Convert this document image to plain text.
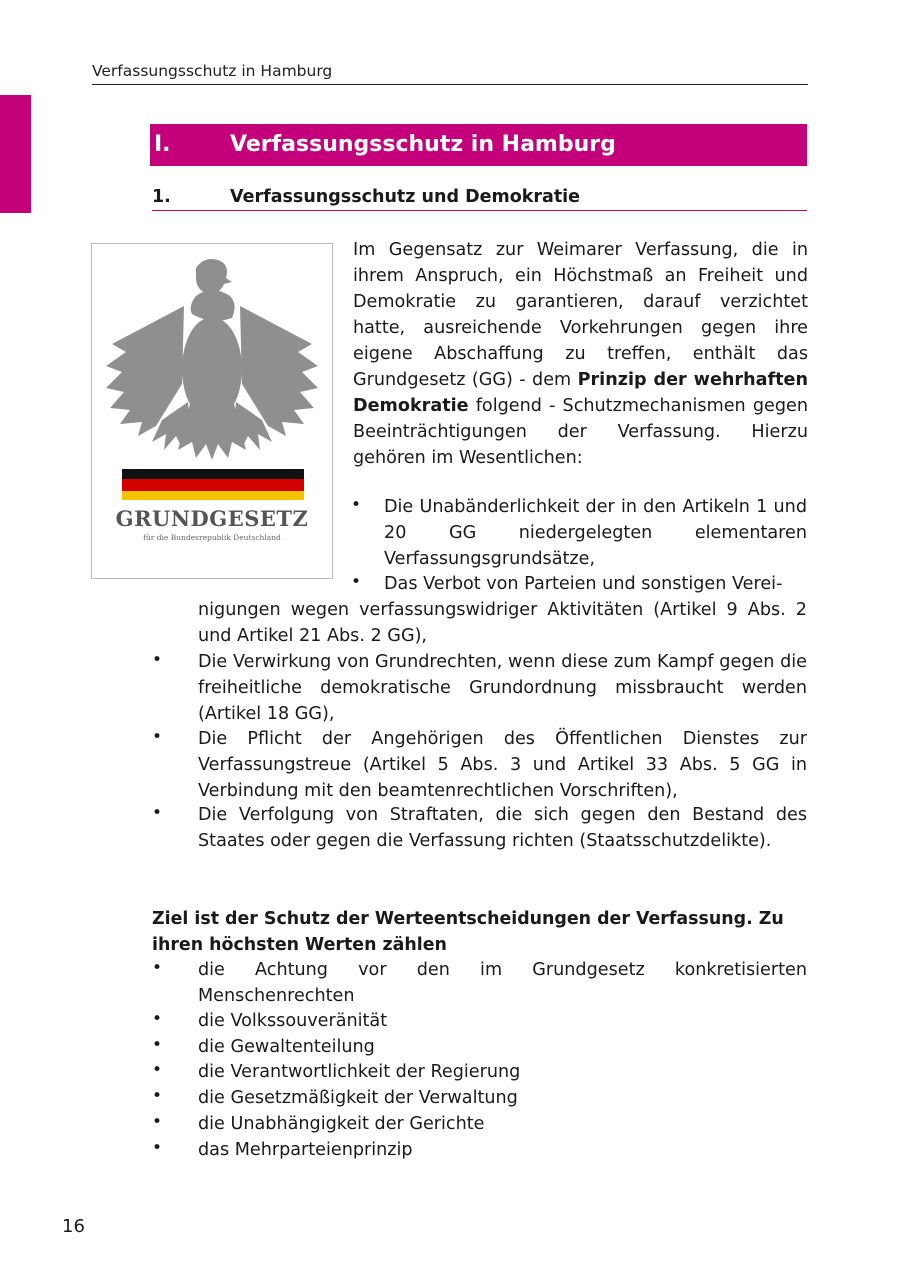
Verfassungsschutz in Hamburg
I.	Verfassungsschutz in Hamburg
1.	Verfassungsschutz und Demokratie
GRUNDGESETZ
für die Bundesrepublik Deutschland
Im Gegensatz zur Weimarer Verfassung, die in ihrem Anspruch, ein Höchstmaß an Freiheit und Demokratie zu garantieren, darauf verzichtet hatte, ausreichende Vorkehrungen gegen ihre eigene Abschaffung zu treffen, enthält das Grundgesetz (GG) - dem Prinzip der wehrhaften Demokratie folgend - Schutzmechanismen gegen Beeinträchtigungen der Verfassung. Hierzu gehören im Wesentlichen:
• Die Unabänderlichkeit der in den Artikeln 1 und 20 GG niedergelegten elementaren Verfassungsgrundsätze,
• Das Verbot von Parteien und sonstigen Verei-
nigungen wegen verfassungswidriger Aktivitäten (Artikel 9 Abs. 2 und Artikel 21 Abs. 2 GG),
• Die Verwirkung von Grundrechten, wenn diese zum Kampf gegen die freiheitliche demokratische Grundordnung missbraucht werden (Artikel 18 GG),
• Die Pflicht der Angehörigen des Öffentlichen Dienstes zur Verfassungstreue (Artikel 5 Abs. 3 und Artikel 33 Abs. 5 GG in Verbindung mit den beamtenrechtlichen Vorschriften),
• Die Verfolgung von Straftaten, die sich gegen den Bestand des Staates oder gegen die Verfassung richten (Staatsschutzdelikte).
Ziel ist der Schutz der Werteentscheidungen der Verfassung. Zu ihren höchsten Werten zählen
• die Achtung vor den im Grundgesetz konkretisierten Menschenrechten
• die Volkssouveränität
• die Gewaltenteilung
• die Verantwortlichkeit der Regierung
• die Gesetzmäßigkeit der Verwaltung
• die Unabhängigkeit der Gerichte
• das Mehrparteienprinzip
16
